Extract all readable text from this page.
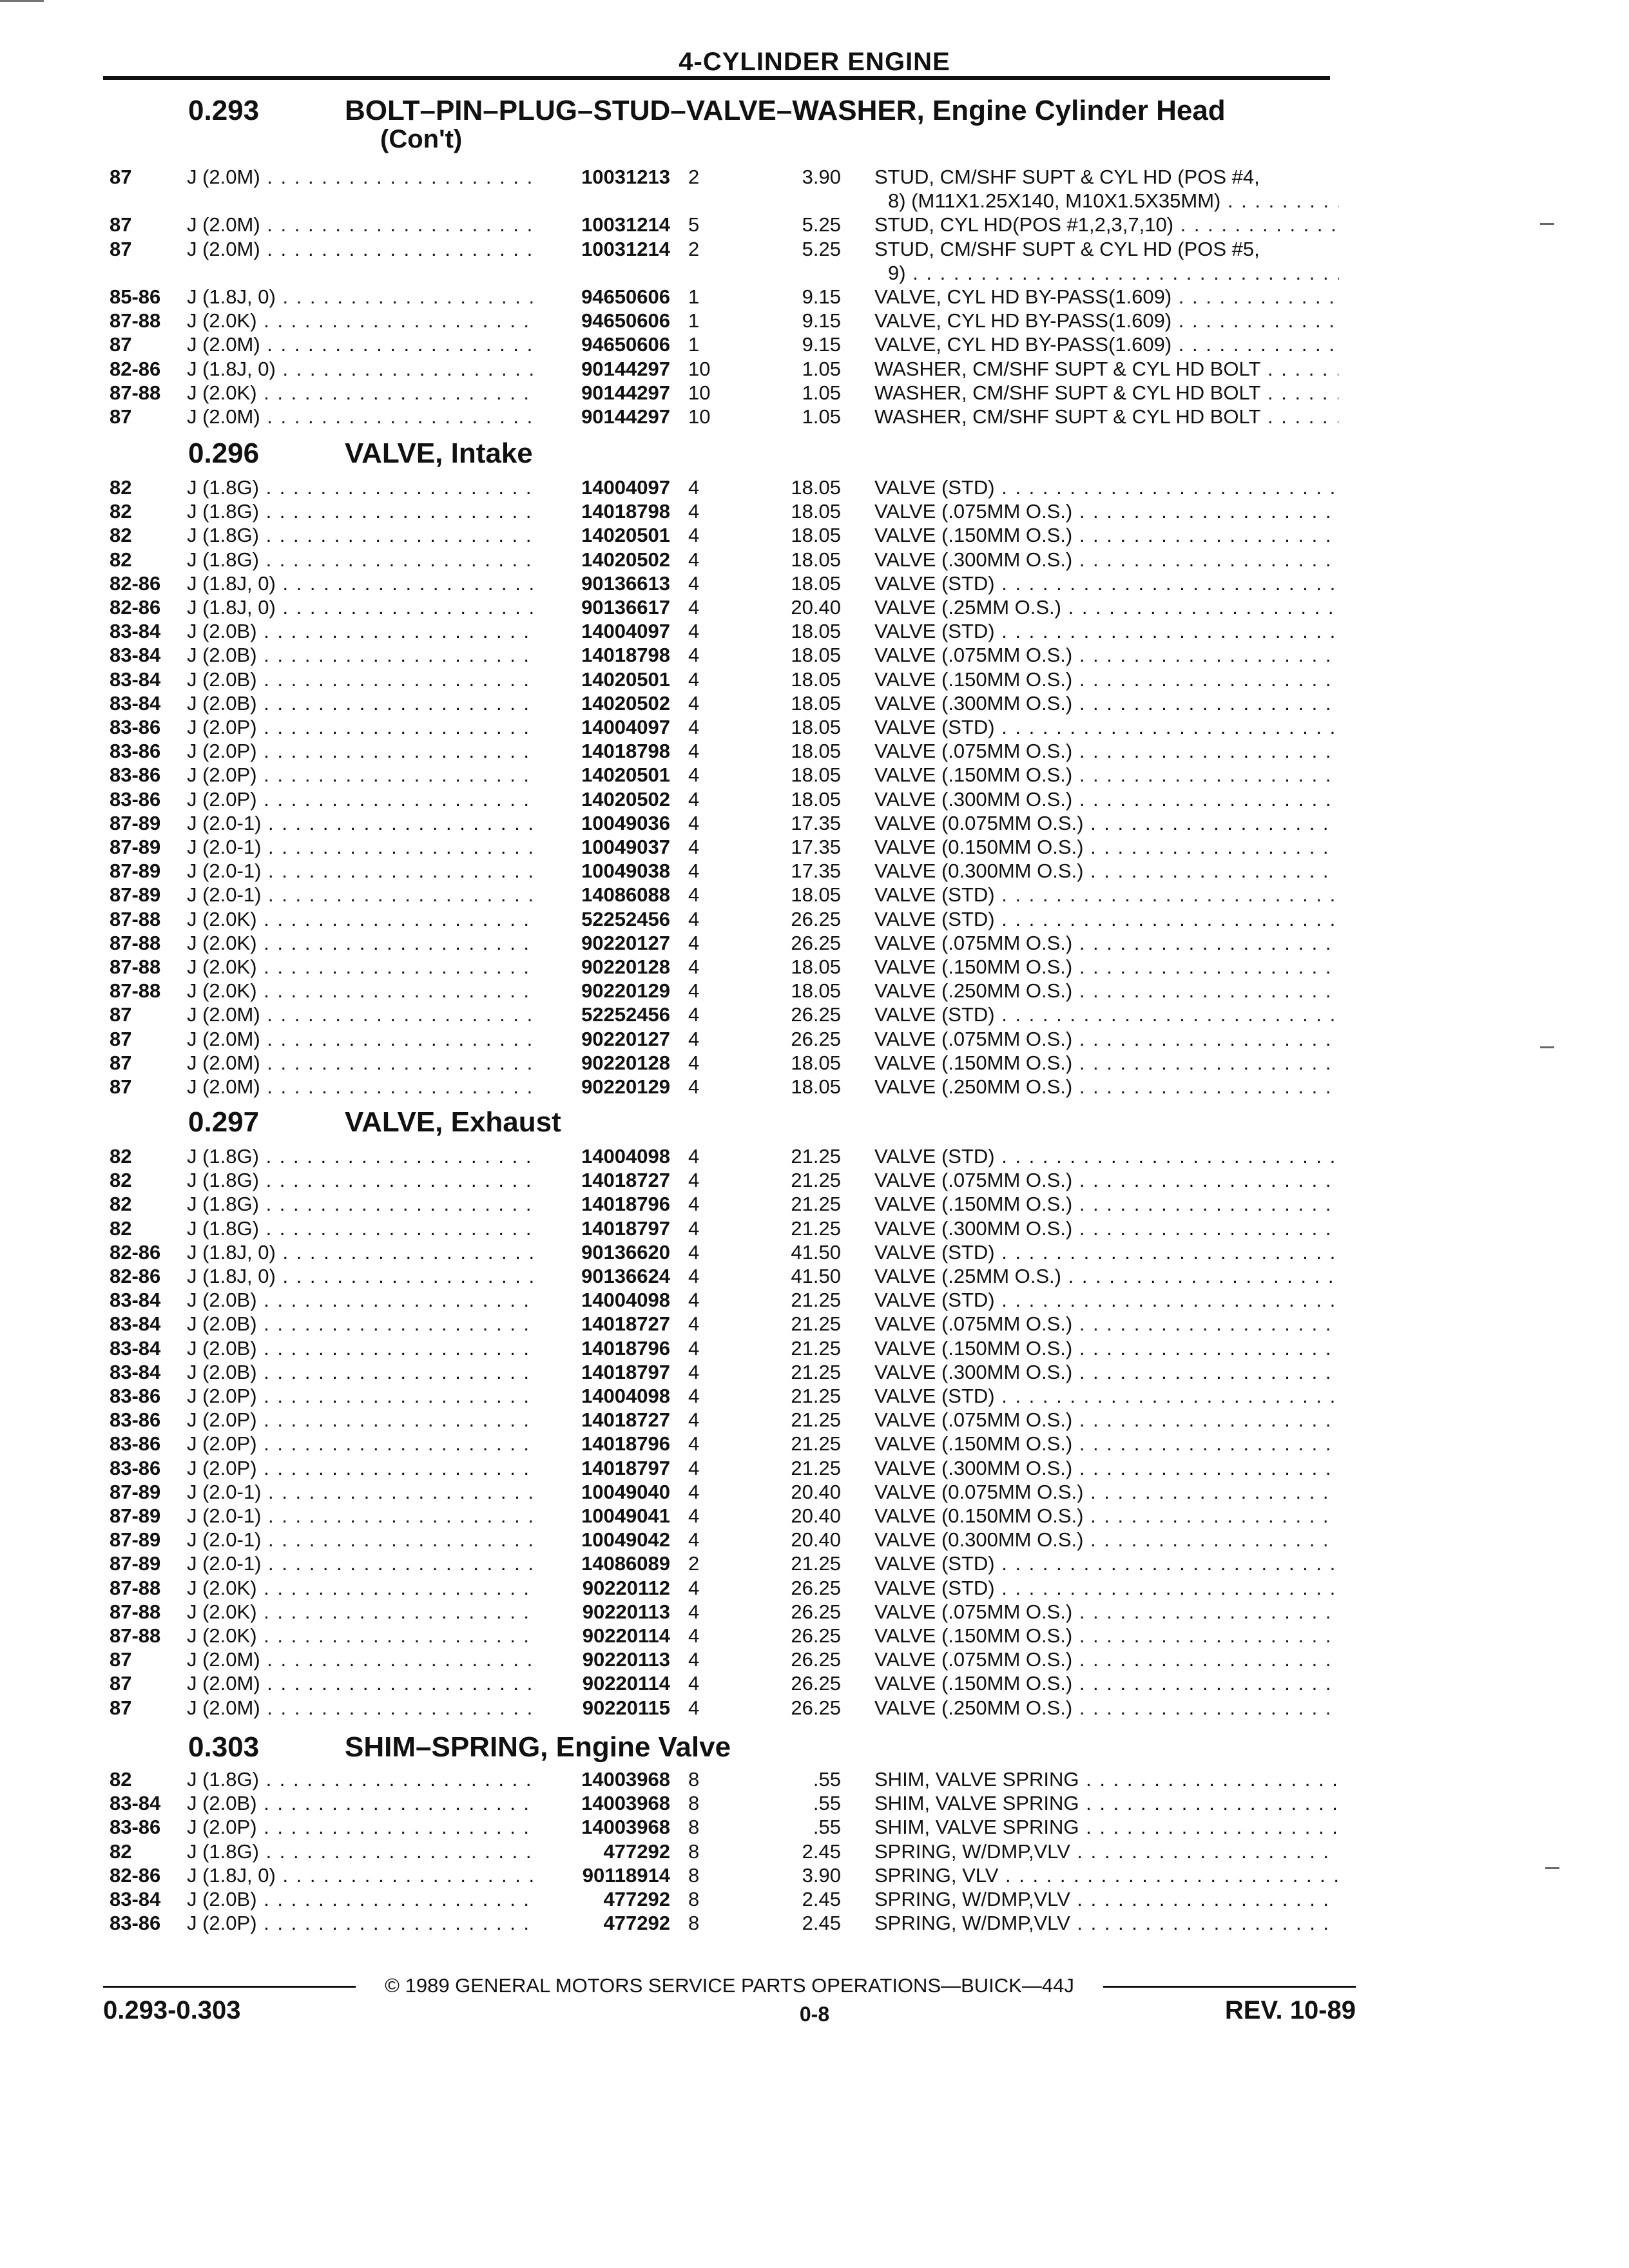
4-CYLINDER ENGINE
0.293	BOLT–PIN–PLUG–STUD–VALVE–WASHER, Engine Cylinder Head
(Con't)
87	J (2.0M) . . .	10031213 2	3.90 STUD, CM/SHF SUPT & CYL HD (POS #4,
8) (M11X1.25X140, M10X1.5X35MM) . . .
87	J (2.0M) . . .	10031214 5	5.25 STUD, CYL HD(POS #1,2,3,7,10) . . .
87	J (2.0M) . . .	10031214 2	5.25 STUD, CM/SHF SUPT & CYL HD (POS #5,
9) . . .
85-86 J (1.8J, 0) . . .	94650606 1	9.15 VALVE, CYL HD BY-PASS(1.609) . . .
87-88 J (2.0K) . . .	94650606 1	9.15 VALVE, CYL HD BY-PASS(1.609) . . .
87	J (2.0M) . . .	94650606 1	9.15 VALVE, CYL HD BY-PASS(1.609) . . .
82-86 J (1.8J, 0) . . .	90144297 10	1.05 WASHER, CM/SHF SUPT & CYL HD BOLT . . .
87-88 J (2.0K) . . .	90144297 10	1.05 WASHER, CM/SHF SUPT & CYL HD BOLT . . .
87	J (2.0M) . . .	90144297 10	1.05 WASHER, CM/SHF SUPT & CYL HD BOLT . . .
0.296	VALVE, Intake
82	J (1.8G) . . .	14004097 4	18.05 VALVE (STD) . . .
82	J (1.8G) . . .	14018798 4	18.05 VALVE (.075MM O.S.) . . .
82	J (1.8G) . . .	14020501 4	18.05 VALVE (.150MM O.S.) . . .
82	J (1.8G) . . .	14020502 4	18.05 VALVE (.300MM O.S.) . . .
82-86 J (1.8J, 0) . . .	90136613 4	18.05 VALVE (STD) . . .
82-86 J (1.8J, 0) . . .	90136617 4	20.40 VALVE (.25MM O.S.) . . .
83-84 J (2.0B) . . .	14004097 4	18.05 VALVE (STD) . . .
83-84 J (2.0B) . . .	14018798 4	18.05 VALVE (.075MM O.S.) . . .
83-84 J (2.0B) . . .	14020501 4	18.05 VALVE (.150MM O.S.) . . .
83-84 J (2.0B) . . .	14020502 4	18.05 VALVE (.300MM O.S.) . . .
83-86 J (2.0P) . . .	14004097 4	18.05 VALVE (STD) . . .
83-86 J (2.0P) . . .	14018798 4	18.05 VALVE (.075MM O.S.) . . .
83-86 J (2.0P) . . .	14020501 4	18.05 VALVE (.150MM O.S.) . . .
83-86 J (2.0P) . . .	14020502 4	18.05 VALVE (.300MM O.S.) . . .
87-89 J (2.0-1) . . .	10049036 4	17.35 VALVE (0.075MM O.S.) . . .
87-89 J (2.0-1) . . .	10049037 4	17.35 VALVE (0.150MM O.S.) . . .
87-89 J (2.0-1) . . .	10049038 4	17.35 VALVE (0.300MM O.S.) . . .
87-89 J (2.0-1) . . .	14086088 4	18.05 VALVE (STD) . . .
87-88 J (2.0K) . . .	52252456 4	26.25 VALVE (STD) . . .
87-88 J (2.0K) . . .	90220127 4	26.25 VALVE (.075MM O.S.) . . .
87-88 J (2.0K) . . .	90220128 4	18.05 VALVE (.150MM O.S.) . . .
87-88 J (2.0K) . . .	90220129 4	18.05 VALVE (.250MM O.S.) . . .
87	J (2.0M) . . .	52252456 4	26.25 VALVE (STD) . . .
87	J (2.0M) . . .	90220127 4	26.25 VALVE (.075MM O.S.) . . .
87	J (2.0M) . . .	90220128 4	18.05 VALVE (.150MM O.S.) . . .
87	J (2.0M) . . .	90220129 4	18.05 VALVE (.250MM O.S.) . . .
0.297	VALVE, Exhaust
82	J (1.8G) . . .	14004098 4	21.25 VALVE (STD) . . .
82	J (1.8G) . . .	14018727 4	21.25 VALVE (.075MM O.S.) . . .
82	J (1.8G) . . .	14018796 4	21.25 VALVE (.150MM O.S.) . . .
82	J (1.8G) . . .	14018797 4	21.25 VALVE (.300MM O.S.) . . .
82-86 J (1.8J, 0) . . .	90136620 4	41.50 VALVE (STD) . . .
82-86 J (1.8J, 0) . . .	90136624 4	41.50 VALVE (.25MM O.S.) . . .
83-84 J (2.0B) . . .	14004098 4	21.25 VALVE (STD) . . .
83-84 J (2.0B) . . .	14018727 4	21.25 VALVE (.075MM O.S.) . . .
83-84 J (2.0B) . . .	14018796 4	21.25 VALVE (.150MM O.S.) . . .
83-84 J (2.0B) . . .	14018797 4	21.25 VALVE (.300MM O.S.) . . .
83-86 J (2.0P) . . .	14004098 4	21.25 VALVE (STD) . . .
83-86 J (2.0P) . . .	14018727 4	21.25 VALVE (.075MM O.S.) . . .
83-86 J (2.0P) . . .	14018796 4	21.25 VALVE (.150MM O.S.) . . .
83-86 J (2.0P) . . .	14018797 4	21.25 VALVE (.300MM O.S.) . . .
87-89 J (2.0-1) . . .	10049040 4	20.40 VALVE (0.075MM O.S.) . . .
87-89 J (2.0-1) . . .	10049041 4	20.40 VALVE (0.150MM O.S.) . . .
87-89 J (2.0-1) . . .	10049042 4	20.40 VALVE (0.300MM O.S.) . . .
87-89 J (2.0-1) . . .	14086089 2	21.25 VALVE (STD) . . .
87-88 J (2.0K) . . .	90220112 4	26.25 VALVE (STD) . . .
87-88 J (2.0K) . . .	90220113 4	26.25 VALVE (.075MM O.S.) . . .
87-88 J (2.0K) . . .	90220114 4	26.25 VALVE (.150MM O.S.) . . .
87	J (2.0M) . . .	90220113 4	26.25 VALVE (.075MM O.S.) . . .
87	J (2.0M) . . .	90220114 4	26.25 VALVE (.150MM O.S.) . . .
87	J (2.0M) . . .	90220115 4	26.25 VALVE (.250MM O.S.) . . .
0.303	SHIM–SPRING, Engine Valve
82	J (1.8G) . . .	14003968 8	.55 SHIM, VALVE SPRING . . .
83-84 J (2.0B) . . .	14003968 8	.55 SHIM, VALVE SPRING . . .
83-86 J (2.0P) . . .	14003968 8	.55 SHIM, VALVE SPRING . . .
82	J (1.8G) . . .	477292 8	2.45 SPRING, W/DMP,VLV . . .
82-86 J (1.8J, 0) . . .	90118914 8	3.90 SPRING, VLV . . .
83-84 J (2.0B) . . .	477292 8	2.45 SPRING, W/DMP,VLV . . .
83-86 J (2.0P) . . .	477292 8	2.45 SPRING, W/DMP,VLV . . .
© 1989 GENERAL MOTORS SERVICE PARTS OPERATIONS—BUICK—44J
0.293-0.303	0-8	REV. 10-89
